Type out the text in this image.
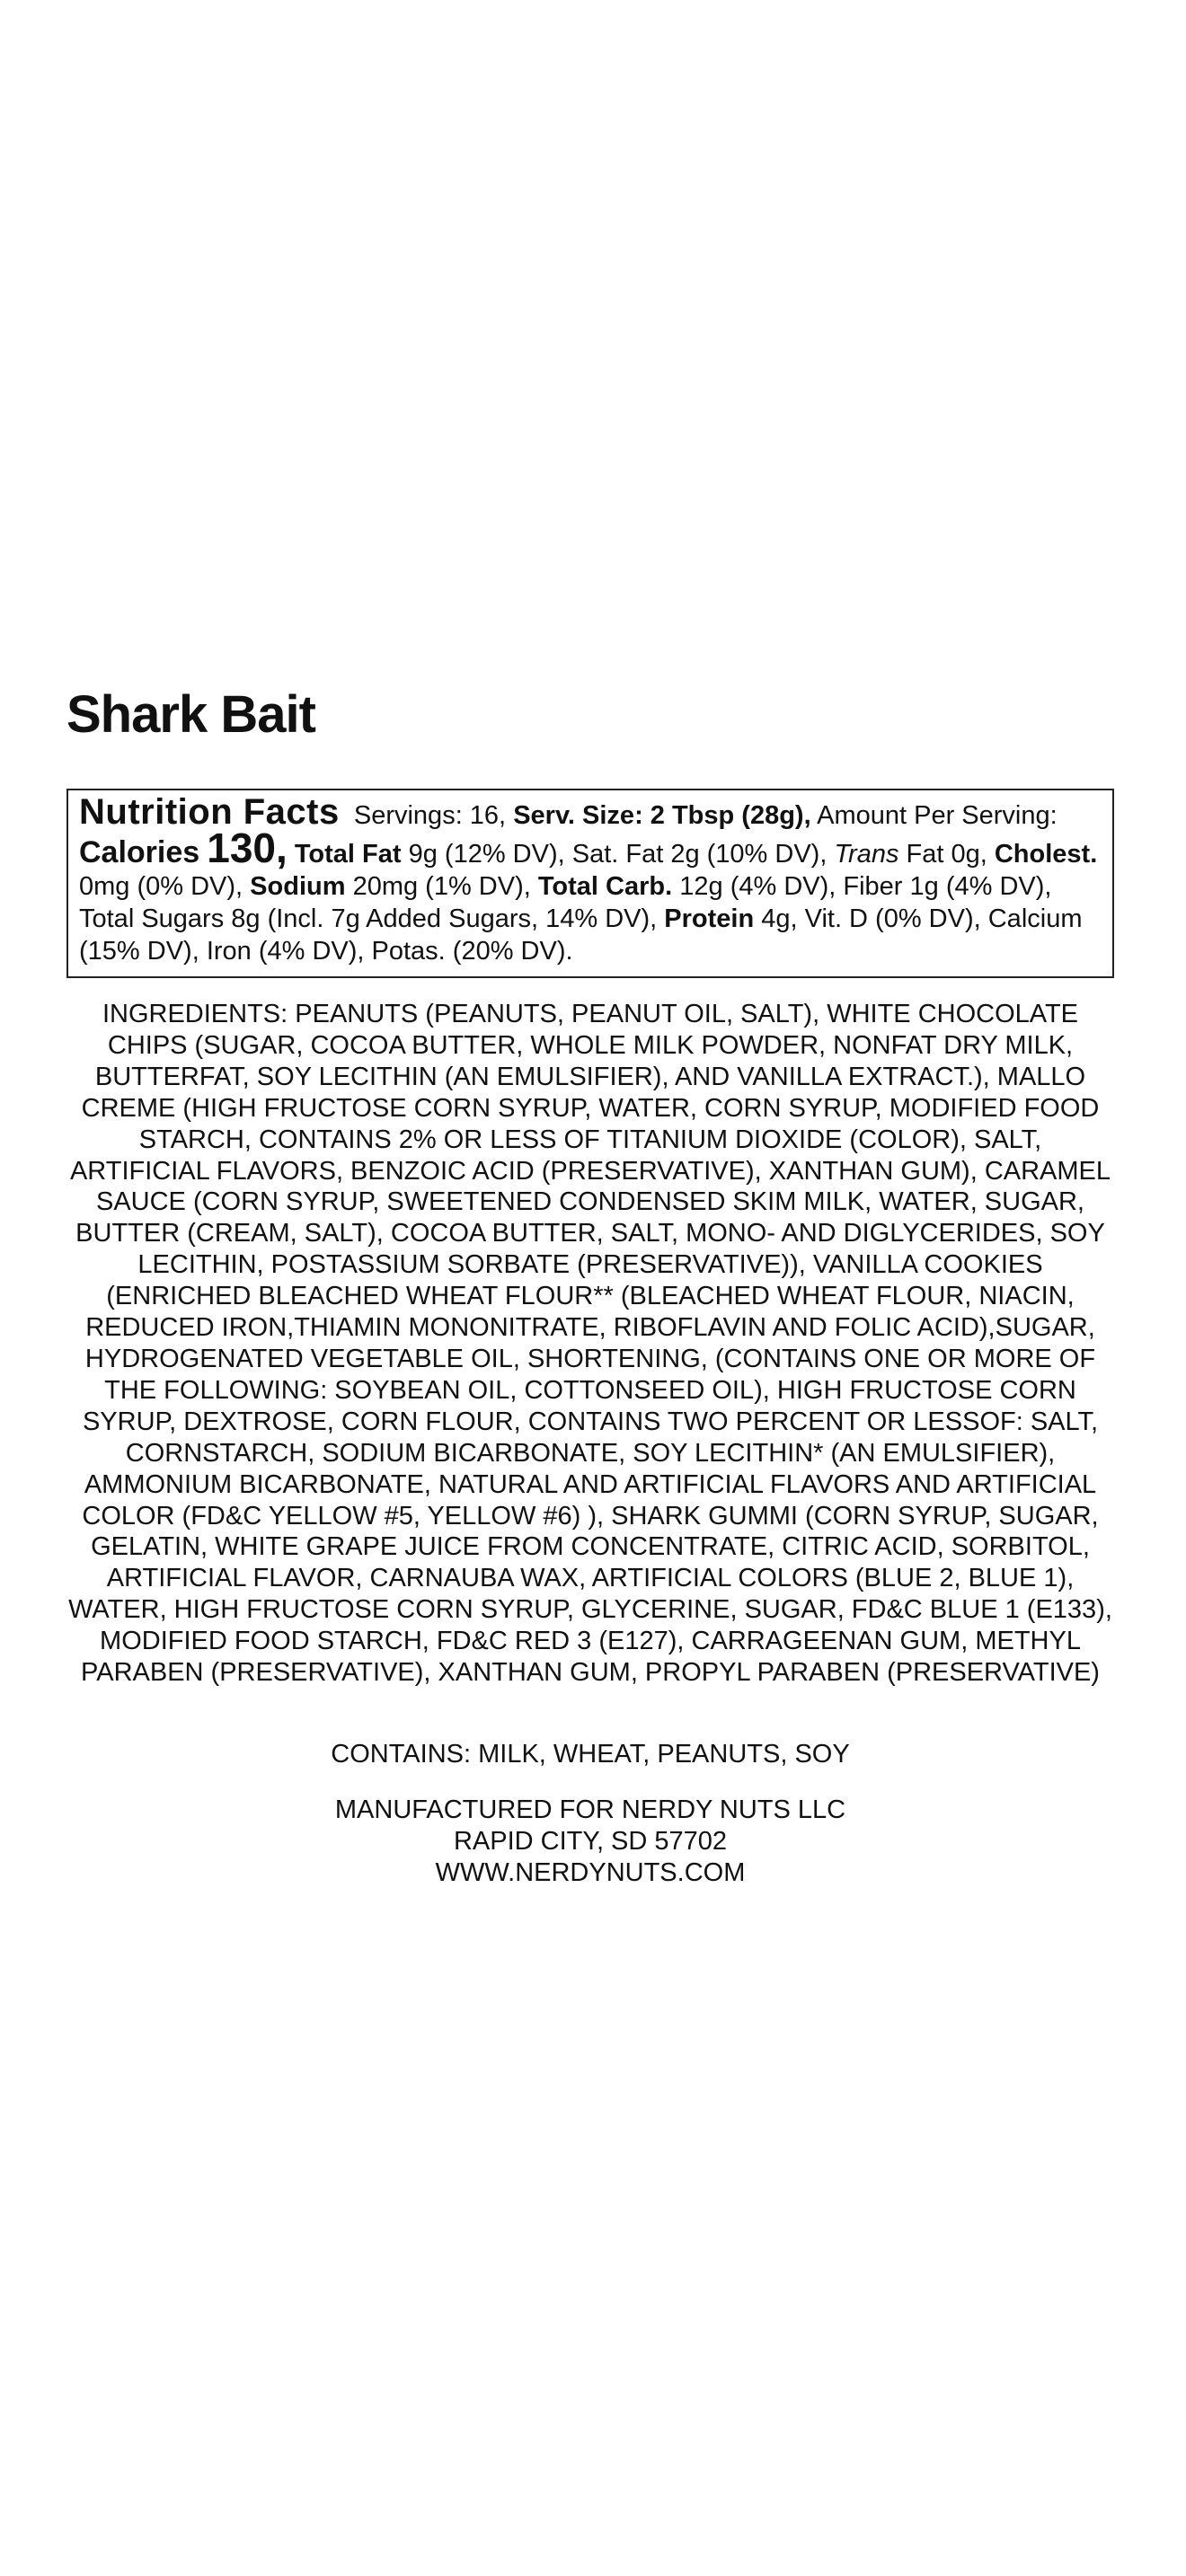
Shark Bait

Nutrition Facts Servings: 16, Serv. Size: 2 Tbsp (28g), Amount Per Serving: Calories 130, Total Fat 9g (12% DV), Sat. Fat 2g (10% DV), Trans Fat 0g, Cholest. 0mg (0% DV), Sodium 20mg (1% DV), Total Carb. 12g (4% DV), Fiber 1g (4% DV), Total Sugars 8g (Incl. 7g Added Sugars, 14% DV), Protein 4g, Vit. D (0% DV), Calcium (15% DV), Iron (4% DV), Potas. (20% DV).

INGREDIENTS: PEANUTS (PEANUTS, PEANUT OIL, SALT), WHITE CHOCOLATE CHIPS (SUGAR, COCOA BUTTER, WHOLE MILK POWDER, NONFAT DRY MILK, BUTTERFAT, SOY LECITHIN (AN EMULSIFIER), AND VANILLA EXTRACT.), MALLO CREME (HIGH FRUCTOSE CORN SYRUP, WATER, CORN SYRUP, MODIFIED FOOD STARCH, CONTAINS 2% OR LESS OF TITANIUM DIOXIDE (COLOR), SALT, ARTIFICIAL FLAVORS, BENZOIC ACID (PRESERVATIVE), XANTHAN GUM), CARAMEL SAUCE (CORN SYRUP, SWEETENED CONDENSED SKIM MILK, WATER, SUGAR, BUTTER (CREAM, SALT), COCOA BUTTER, SALT, MONO- AND DIGLYCERIDES, SOY LECITHIN, POSTASSIUM SORBATE (PRESERVATIVE)), VANILLA COOKIES (ENRICHED BLEACHED WHEAT FLOUR** (BLEACHED WHEAT FLOUR, NIACIN, REDUCED IRON,THIAMIN MONONITRATE, RIBOFLAVIN AND FOLIC ACID),SUGAR, HYDROGENATED VEGETABLE OIL, SHORTENING, (CONTAINS ONE OR MORE OF THE FOLLOWING: SOYBEAN OIL, COTTONSEED OIL), HIGH FRUCTOSE CORN SYRUP, DEXTROSE, CORN FLOUR, CONTAINS TWO PERCENT OR LESSOF: SALT, CORNSTARCH, SODIUM BICARBONATE, SOY LECITHIN* (AN EMULSIFIER), AMMONIUM BICARBONATE, NATURAL AND ARTIFICIAL FLAVORS AND ARTIFICIAL COLOR (FD&C YELLOW #5, YELLOW #6) ), SHARK GUMMI (CORN SYRUP, SUGAR, GELATIN, WHITE GRAPE JUICE FROM CONCENTRATE, CITRIC ACID, SORBITOL, ARTIFICIAL FLAVOR, CARNAUBA WAX, ARTIFICIAL COLORS (BLUE 2, BLUE 1), WATER, HIGH FRUCTOSE CORN SYRUP, GLYCERINE, SUGAR, FD&C BLUE 1 (E133), MODIFIED FOOD STARCH, FD&C RED 3 (E127), CARRAGEENAN GUM, METHYL PARABEN (PRESERVATIVE), XANTHAN GUM, PROPYL PARABEN (PRESERVATIVE)

CONTAINS: MILK, WHEAT, PEANUTS, SOY

MANUFACTURED FOR NERDY NUTS LLC
RAPID CITY, SD 57702
WWW.NERDYNUTS.COM
